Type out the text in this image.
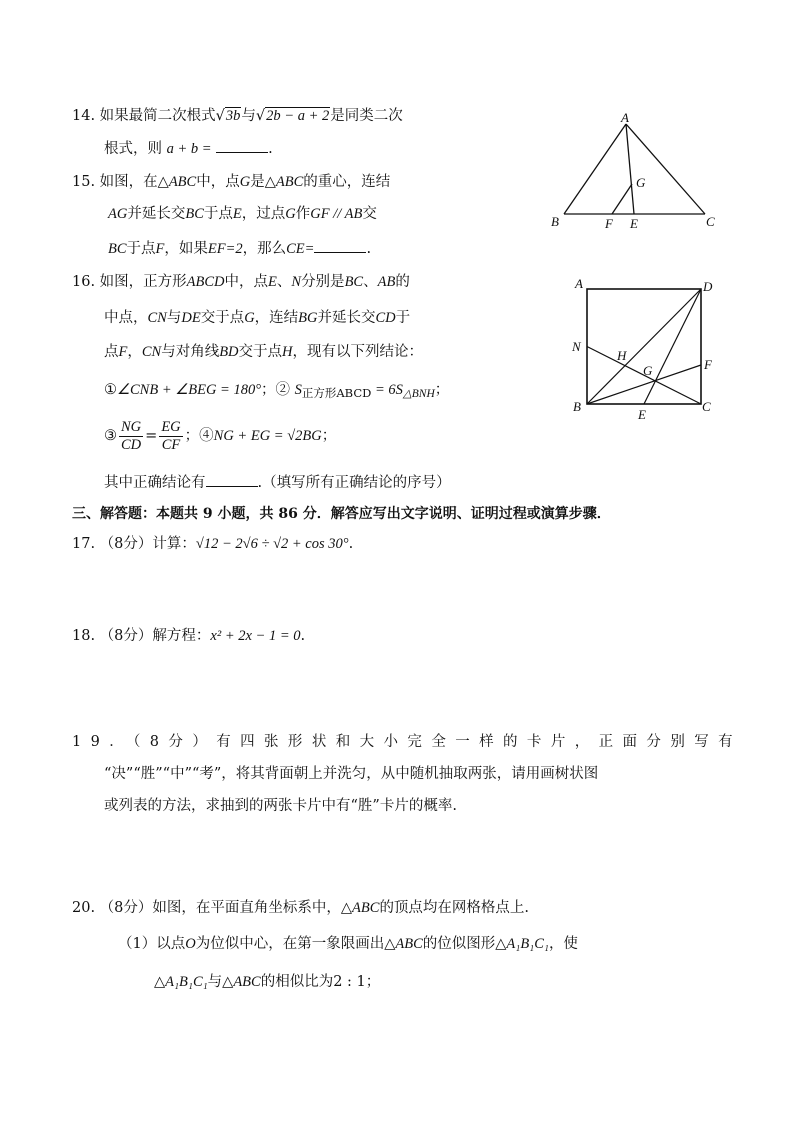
14. 如果最简二次根式√3b与√2b − a + 2是同类二次
根式，则 a + b =	.
15. 如图，在△ABC中，点G是△ABC的重心，连结
AG并延长交BC于点E，过点G作GF // AB交
BC于点F，如果EF=2，那么CE=	.
A
B	C
F E
G
16. 如图，正方形ABCD中，点E、N分别是BC、AB的
中点，CN与DE交于点G，连结BG并延长交CD于
点F，CN与对角线BD交于点H，现有以下列结论：
①∠CNB + ∠BEG = 180°；② $S_{正方形ABCD} = 6S_{\triangle BNH}$；
③ $\frac{NG}{CD} = \frac{EG}{CF}$ ；④NG + EG = √2BG；
其中正确结论有	.（填写所有正确结论的序号）
A	D
N
H
G	F
B	C
E
三、解答题：本题共 9 小题，共 86 分．解答应写出文字说明、证明过程或演算步骤．
17. （8分）计算：√12 − 2√6 ÷ √2 + cos 30°.
18. （8分）解方程：x² + 2x − 1 = 0.
19．（8分）有四张形状和大小完全一样的卡片，正面分别写有
“决”“胜”“中”“考”，将其背面朝上并洗匀，从中随机抽取两张，请用画树状图
或列表的方法，求抽到的两张卡片中有“胜”卡片的概率.
20. （8分）如图，在平面直角坐标系中，△ABC的顶点均在网格格点上.
（1）以点O为位似中心，在第一象限画出△ABC的位似图形△A₁B₁C₁，使
△A₁B₁C₁与△ABC的相似比为2 : 1；
